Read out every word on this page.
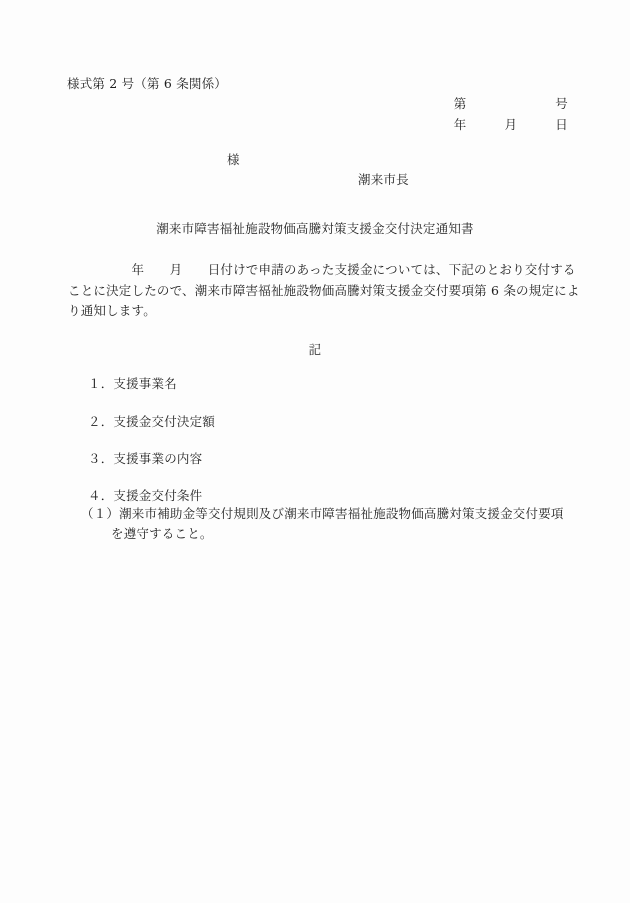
様式第 2 号（第 6 条関係）
第　　　　　　　号
年　　　月　　　日
様
潮来市長
潮来市障害福祉施設物価高騰対策支援金交付決定通知書
　　　　　年　　月　　日付けで申請のあった支援金については、下記のとおり交付する
ことに決定したので、潮来市障害福祉施設物価高騰対策支援金交付要項第 6 条の規定によ
り通知します。
記
１．支援事業名
２．支援金交付決定額
３．支援事業の内容
４．支援金交付条件
（１）潮来市補助金等交付規則及び潮来市障害福祉施設物価高騰対策支援金交付要項
を遵守すること。
